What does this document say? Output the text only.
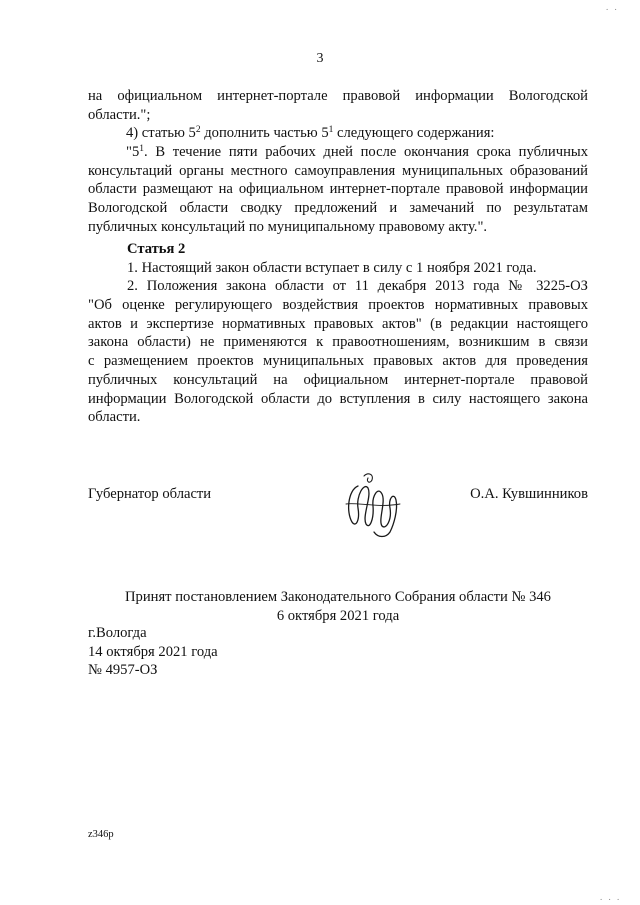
3
на официальном интернет-портале правовой информации Вологодской
области.";
4) статью $5^2$ дополнить частью $5^1$ следующего содержания:
"$5^1$. В течение пяти рабочих дней после окончания срока публичных
консультаций органы местного самоуправления муниципальных образований
области размещают на официальном интернет-портале правовой информации
Вологодской области сводку предложений и замечаний по результатам
публичных консультаций по муниципальному правовому акту.".
Статья 2
1. Настоящий закон области вступает в силу с 1 ноября 2021 года.
2. Положения закона области от 11 декабря 2013 года № 3225-ОЗ
"Об оценке регулирующего воздействия проектов нормативных правовых
актов и экспертизе нормативных правовых актов" (в редакции настоящего
закона области) не применяются к правоотношениям, возникшим в связи
с размещением проектов муниципальных правовых актов для проведения
публичных консультаций на официальном интернет-портале правовой
информации Вологодской области до вступления в силу настоящего закона
области.
Губернатор области	О.А. Кувшинников
Принят постановлением Законодательного Собрания области № 346
6 октября 2021 года
г.Вологда
14 октября 2021 года
№ 4957-ОЗ
z346p
. .
. . .
